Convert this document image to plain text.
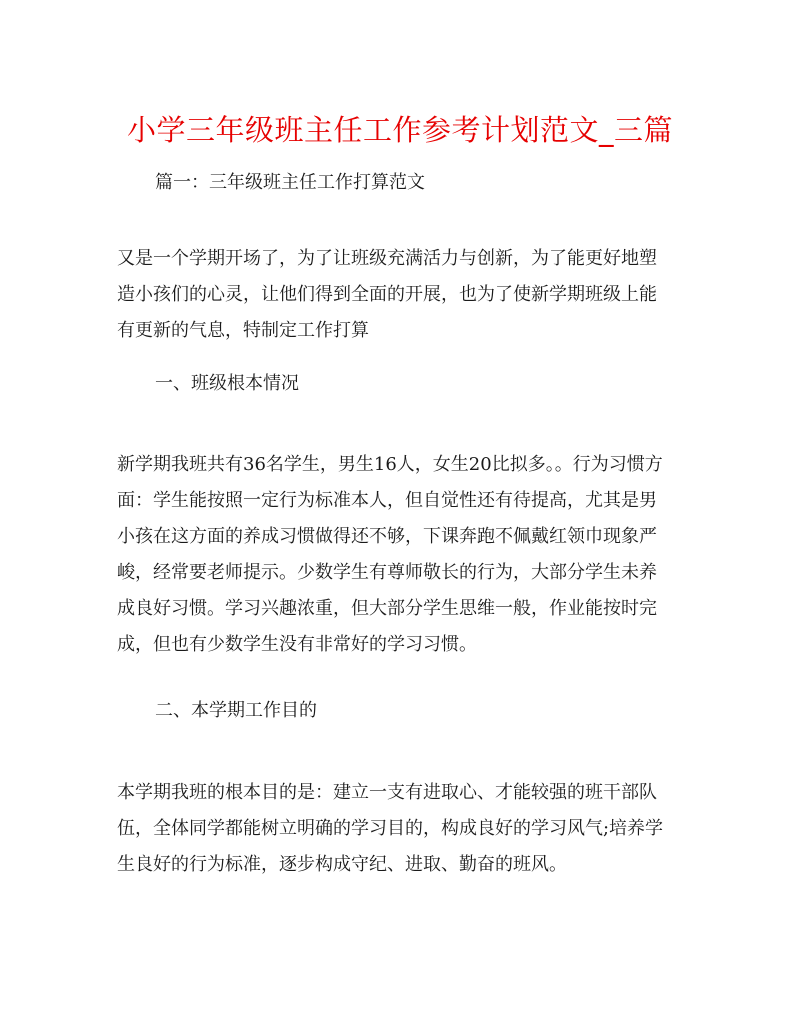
小学三年级班主任工作参考计划范文_三篇

篇一：三年级班主任工作打算范文

又是一个学期开场了，为了让班级充满活力与创新，为了能更好地塑
造小孩们的心灵，让他们得到全面的开展，也为了使新学期班级上能
有更新的气息，特制定工作打算

一、班级根本情况

新学期我班共有36名学生，男生16人，女生20比拟多。。行为习惯方
面：学生能按照一定行为标准本人，但自觉性还有待提高，尤其是男
小孩在这方面的养成习惯做得还不够，下课奔跑不佩戴红领巾现象严
峻，经常要老师提示。少数学生有尊师敬长的行为，大部分学生未养
成良好习惯。学习兴趣浓重，但大部分学生思维一般，作业能按时完
成，但也有少数学生没有非常好的学习习惯。

二、本学期工作目的

本学期我班的根本目的是：建立一支有进取心、才能较强的班干部队
伍，全体同学都能树立明确的学习目的，构成良好的学习风气;培养学
生良好的行为标准，逐步构成守纪、进取、勤奋的班风。
